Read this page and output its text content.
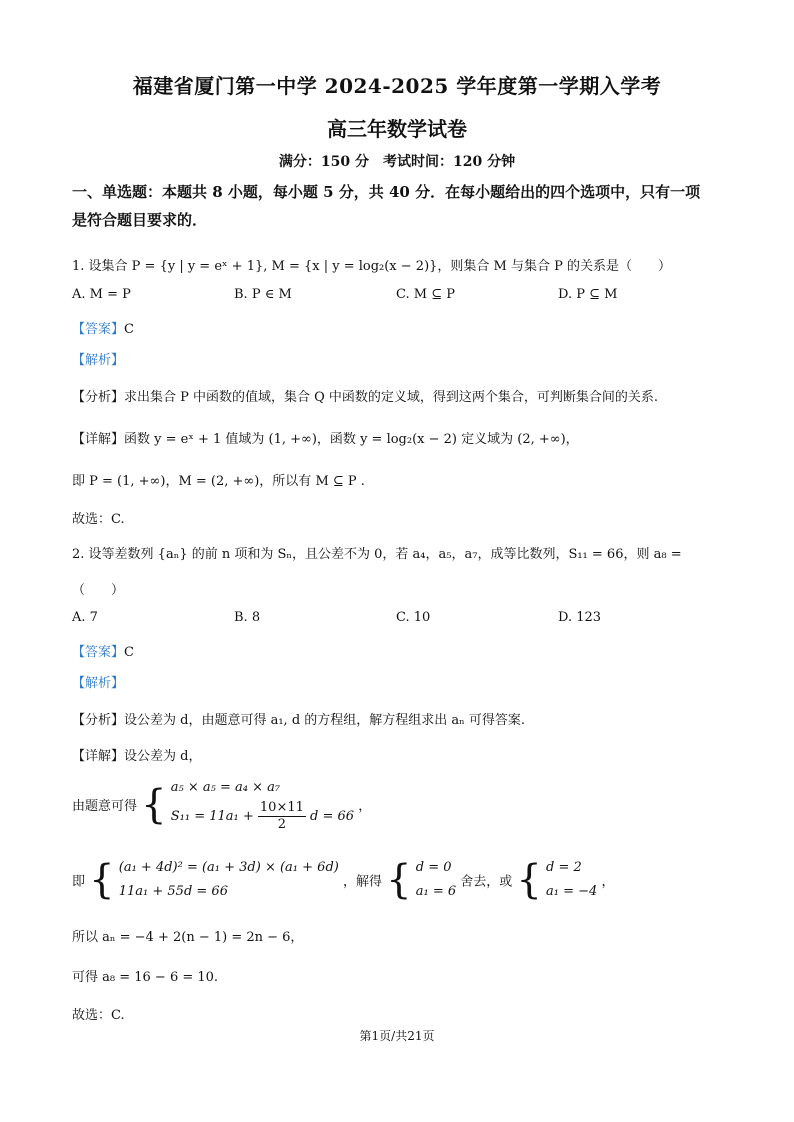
福建省厦门第一中学 2024-2025 学年度第一学期入学考
高三年数学试卷
满分：150 分　考试时间：120 分钟
一、单选题：本题共 8 小题，每小题 5 分，共 40 分．在每小题给出的四个选项中，只有一项
是符合题目要求的．
1. 设集合 P = {y | y = eˣ + 1}, M = {x | y = log₂(x − 2)}，则集合 M 与集合 P 的关系是（　　）
A. M = P	B. P ∈ M	C. M ⊆ P	D. P ⊆ M
【答案】C
【解析】
【分析】求出集合 P 中函数的值域，集合 Q 中函数的定义域，得到这两个集合，可判断集合间的关系.
【详解】函数 y = eˣ + 1 值域为 (1, +∞)，函数 y = log₂(x − 2) 定义域为 (2, +∞)，
即 P = (1, +∞)，M = (2, +∞)，所以有 M ⊆ P .
故选：C.
2. 设等差数列 {aₙ} 的前 n 项和为 Sₙ，且公差不为 0，若 a₄，a₅，a₇，成等比数列，S₁₁ = 66，则 a₈ =
（　　）
A. 7	B. 8	C. 10	D. 123
【答案】C
【解析】
【分析】设公差为 d，由题意可得 a₁, d 的方程组，解方程组求出 aₙ 可得答案.
【详解】设公差为 d，
由题意可得 { a₅ × a₅ = a₄ × a₇
$S_{11} = 11a_1 + \frac{10\times 11}{2}$ d = 66
，
即 { (a₁ + 4d)² = (a₁ + 3d) × (a₁ + 6d)
11a₁ + 55d = 66
，解得 { d = 0
a₁ = 6
舍去，或 { d = 2
a₁ = −4
，
所以 aₙ = −4 + 2(n − 1) = 2n − 6，
可得 a₈ = 16 − 6 = 10.
故选：C.
第1页/共21页
